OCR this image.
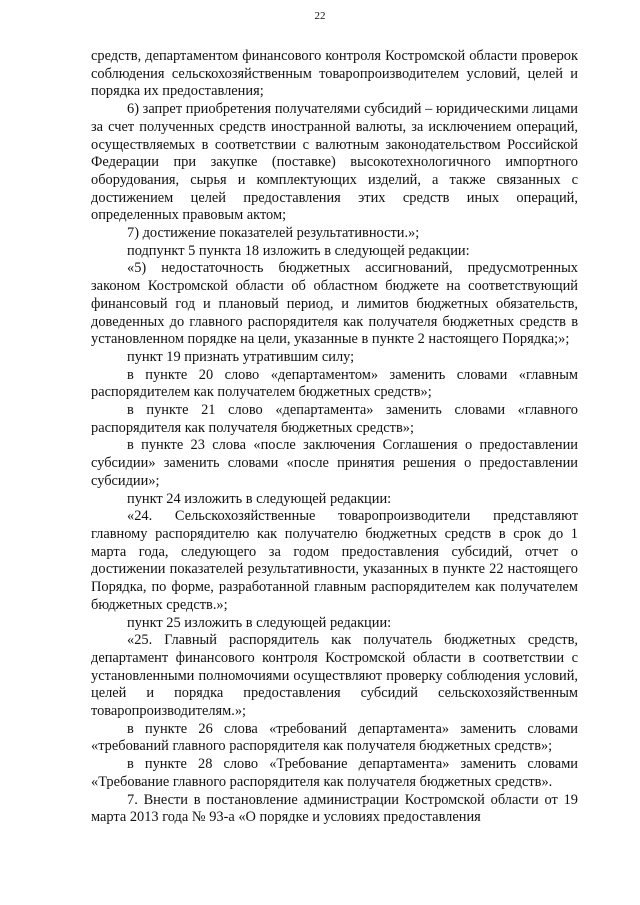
22

средств, департаментом финансового контроля Костромской области проверок соблюдения сельскохозяйственным товаропроизводителем условий, целей и порядка их предоставления;

6) запрет приобретения получателями субсидий – юридическими лицами за счет полученных средств иностранной валюты, за исключением операций, осуществляемых в соответствии с валютным законодательством Российской Федерации при закупке (поставке) высокотехнологичного импортного оборудования, сырья и комплектующих изделий, а также связанных с достижением целей предоставления этих средств иных операций, определенных правовым актом;

7) достижение показателей результативности.»;

подпункт 5 пункта 18 изложить в следующей редакции:

«5) недостаточность бюджетных ассигнований, предусмотренных законом Костромской области об областном бюджете на соответствующий финансовый год и плановый период, и лимитов бюджетных обязательств, доведенных до главного распорядителя как получателя бюджетных средств в установленном порядке на цели, указанные в пункте 2 настоящего Порядка;»;

пункт 19 признать утратившим силу;

в пункте 20 слово «департаментом» заменить словами «главным распорядителем как получателем бюджетных средств»;

в пункте 21 слово «департамента» заменить словами «главного распорядителя как получателя бюджетных средств»;

в пункте 23 слова «после заключения Соглашения о предоставлении субсидии» заменить словами «после принятия решения о предоставлении субсидии»;

пункт 24 изложить в следующей редакции:

«24. Сельскохозяйственные товаропроизводители представляют главному распорядителю как получателю бюджетных средств в срок до 1 марта года, следующего за годом предоставления субсидий, отчет о достижении показателей результативности, указанных в пункте 22 настоящего Порядка, по форме, разработанной главным распорядителем как получателем бюджетных средств.»;

пункт 25 изложить в следующей редакции:

«25. Главный распорядитель как получатель бюджетных средств, департамент финансового контроля Костромской области в соответствии с установленными полномочиями осуществляют проверку соблюдения условий, целей и порядка предоставления субсидий сельскохозяйственным товаропроизводителям.»;

в пункте 26 слова «требований департамента» заменить словами «требований главного распорядителя как получателя бюджетных средств»;

в пункте 28 слово «Требование департамента» заменить словами «Требование главного распорядителя как получателя бюджетных средств».

7. Внести в постановление администрации Костромской области от 19 марта 2013 года № 93-а «О порядке и условиях предоставления
